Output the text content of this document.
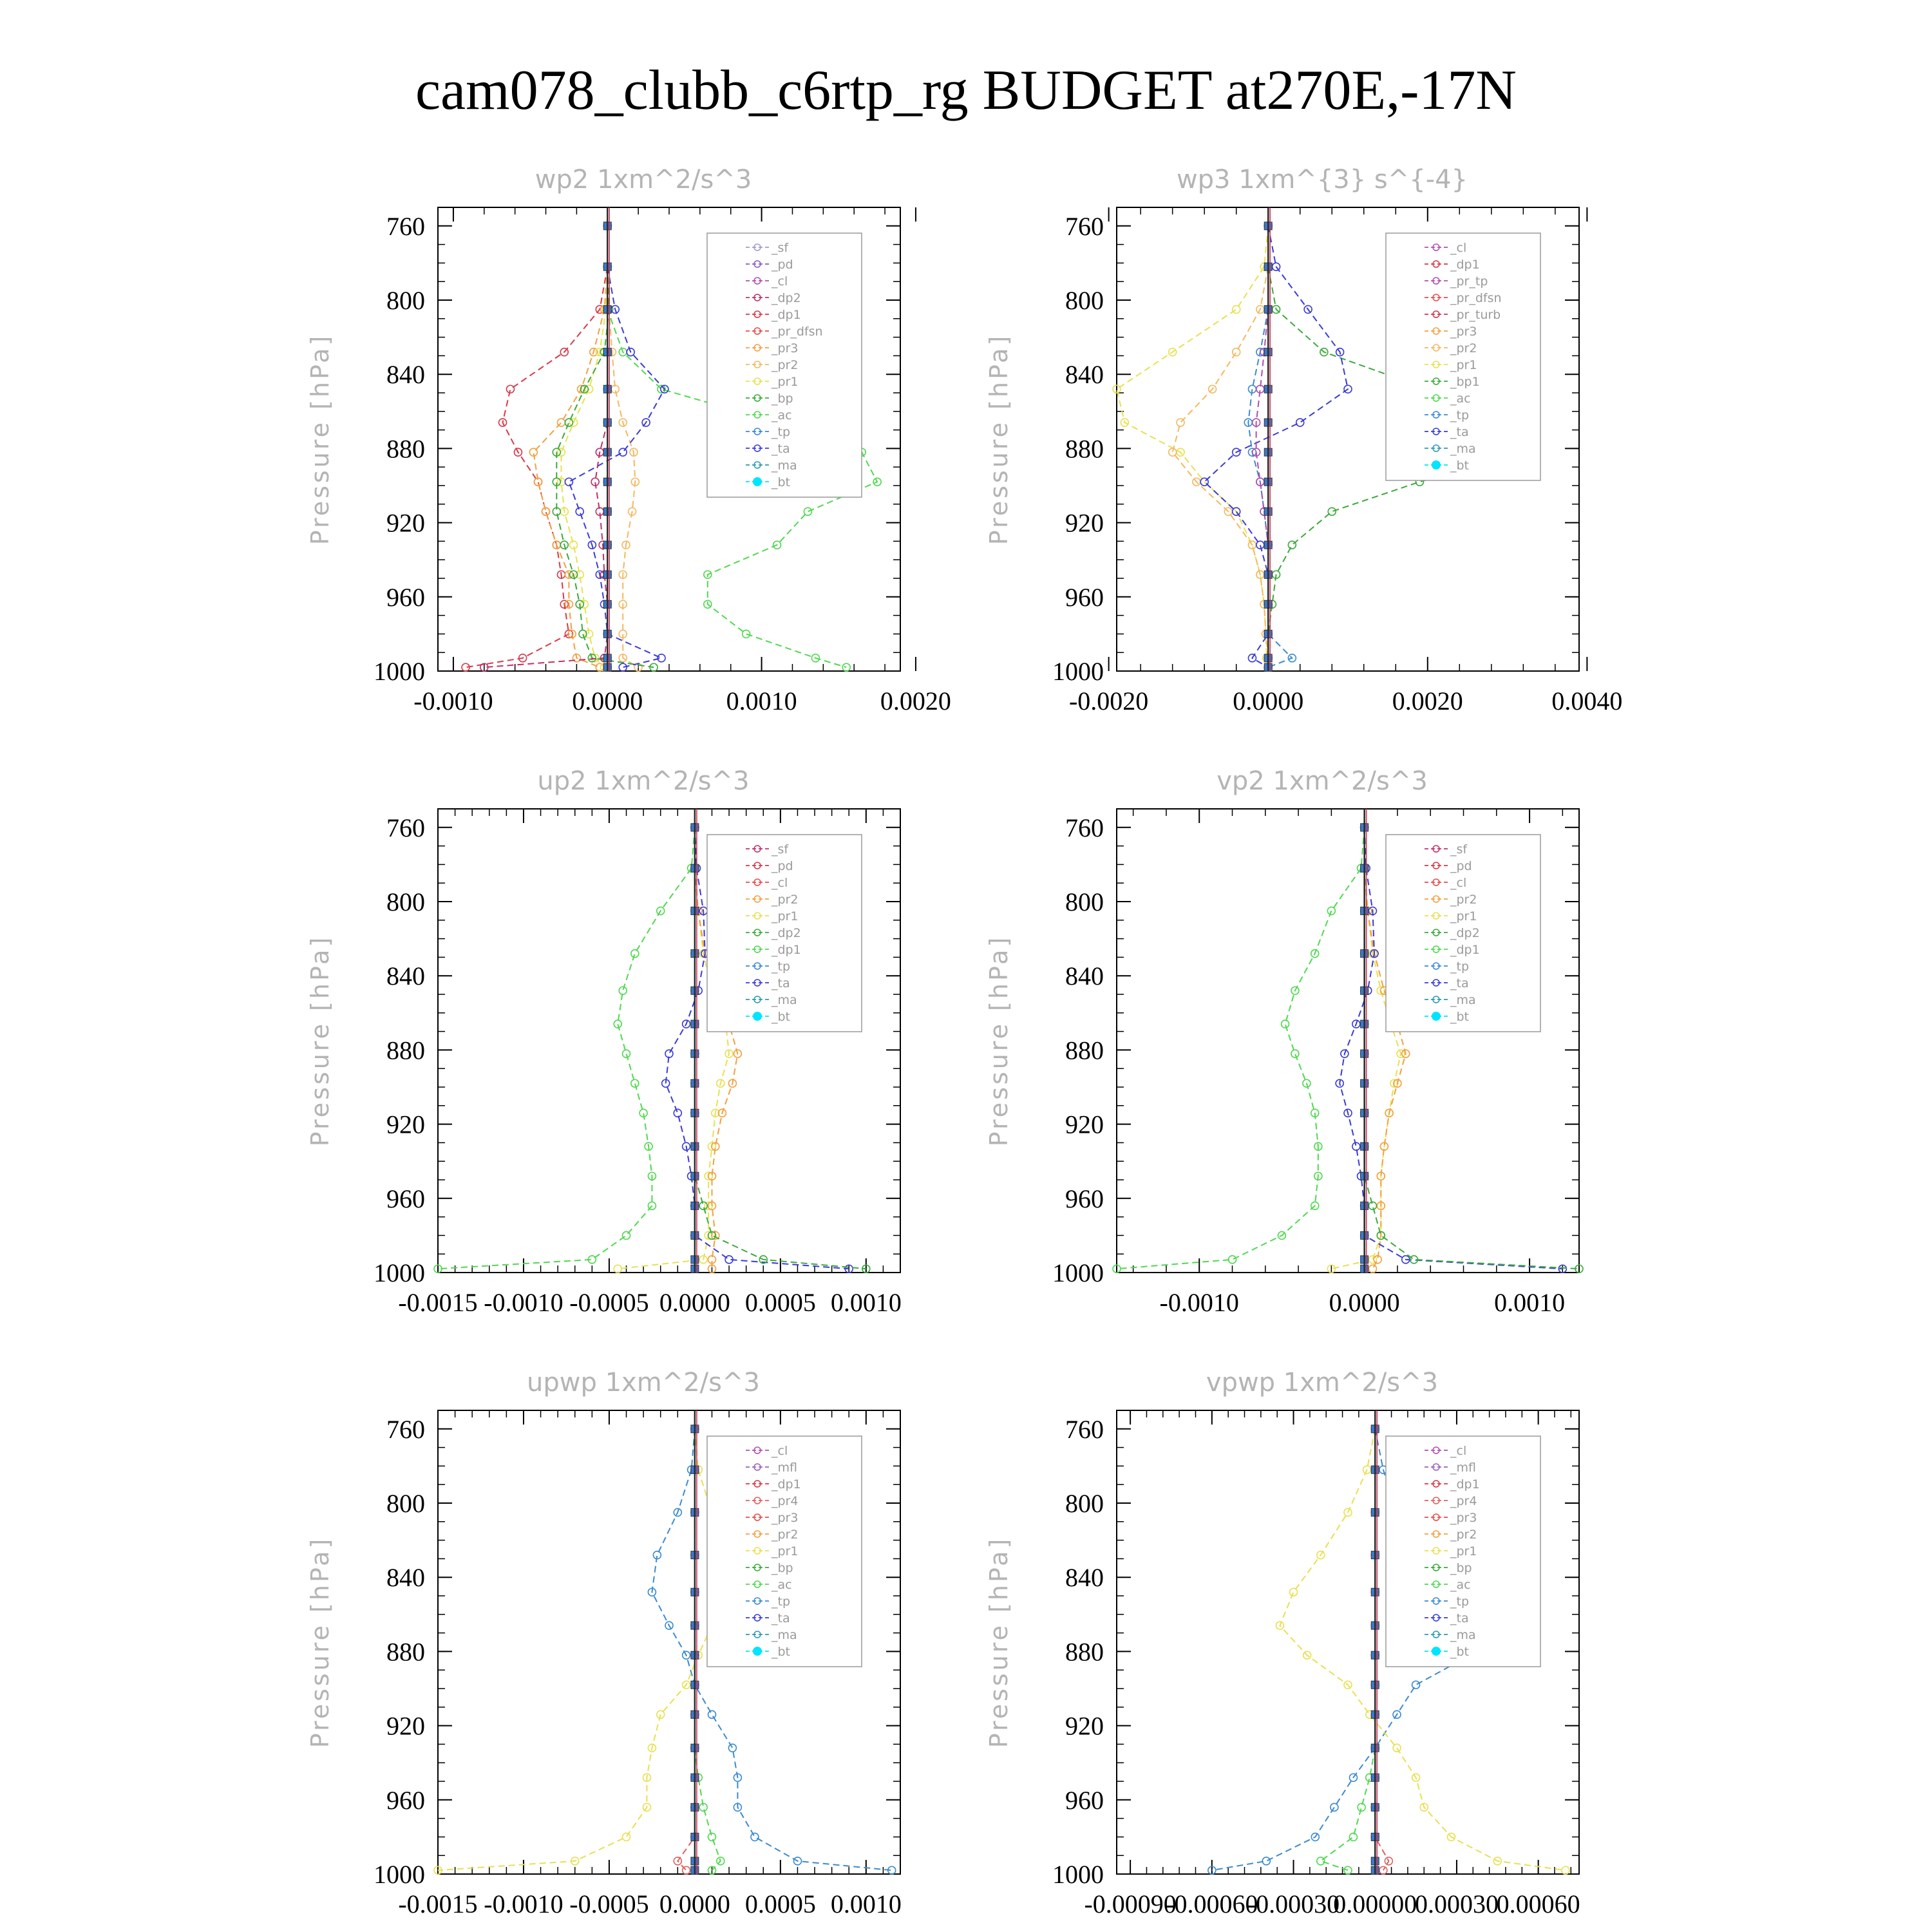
cam078_clubb_c6rtp_rg BUDGET at270E,-17N
wp2 1xm^2/s^3
Pressure [hPa]
760
800
840
880
920
960
1000
-0.0010	0.0000	0.0010	0.0020
_sf
_pd
_cl
_dp2
_dp1
_pr_dfsn
_pr3
_pr2
_pr1
_bp
_ac
_tp
_ta
_ma
_bt
wp3 1xm^{3} s^{-4}
Pressure [hPa]
760
800
840
880
920
960
1000
-0.0020	0.0000	0.0020	0.0040
_cl
_dp1
_pr_tp
_pr_dfsn
_pr_turb
_pr3
_pr2
_pr1
_bp1
_ac
_tp
_ta
_ma
_bt
up2 1xm^2/s^3
Pressure [hPa]
760
800
840
880
920
960
1000
-0.0015 -0.0010 -0.0005 0.0000 0.0005 0.0010
_sf
_pd
_cl
_pr2
_pr1
_dp2
_dp1
_tp
_ta
_ma
_bt
vp2 1xm^2/s^3
Pressure [hPa]
760
800
840
880
920
960
1000
-0.0010	0.0000	0.0010
_sf
_pd
_cl
_pr2
_pr1
_dp2
_dp1
_tp
_ta
_ma
_bt
upwp 1xm^2/s^3
Pressure [hPa]
760
800
840
880
920
960
1000
-0.0015 -0.0010 -0.0005 0.0000 0.0005 0.0010
_cl
_mfl
_dp1
_pr4
_pr3
_pr2
_pr1
_bp
_ac
_tp
_ta
_ma
_bt
vpwp 1xm^2/s^3
Pressure [hPa]
760
800
840
880
920
960
1000
-0.00090
-0.00060
-0.00030
0.00000
0.00030
0.00060
_cl
_mfl
_dp1
_pr4
_pr3
_pr2
_pr1
_bp
_ac
_tp
_ta
_ma
_bt
